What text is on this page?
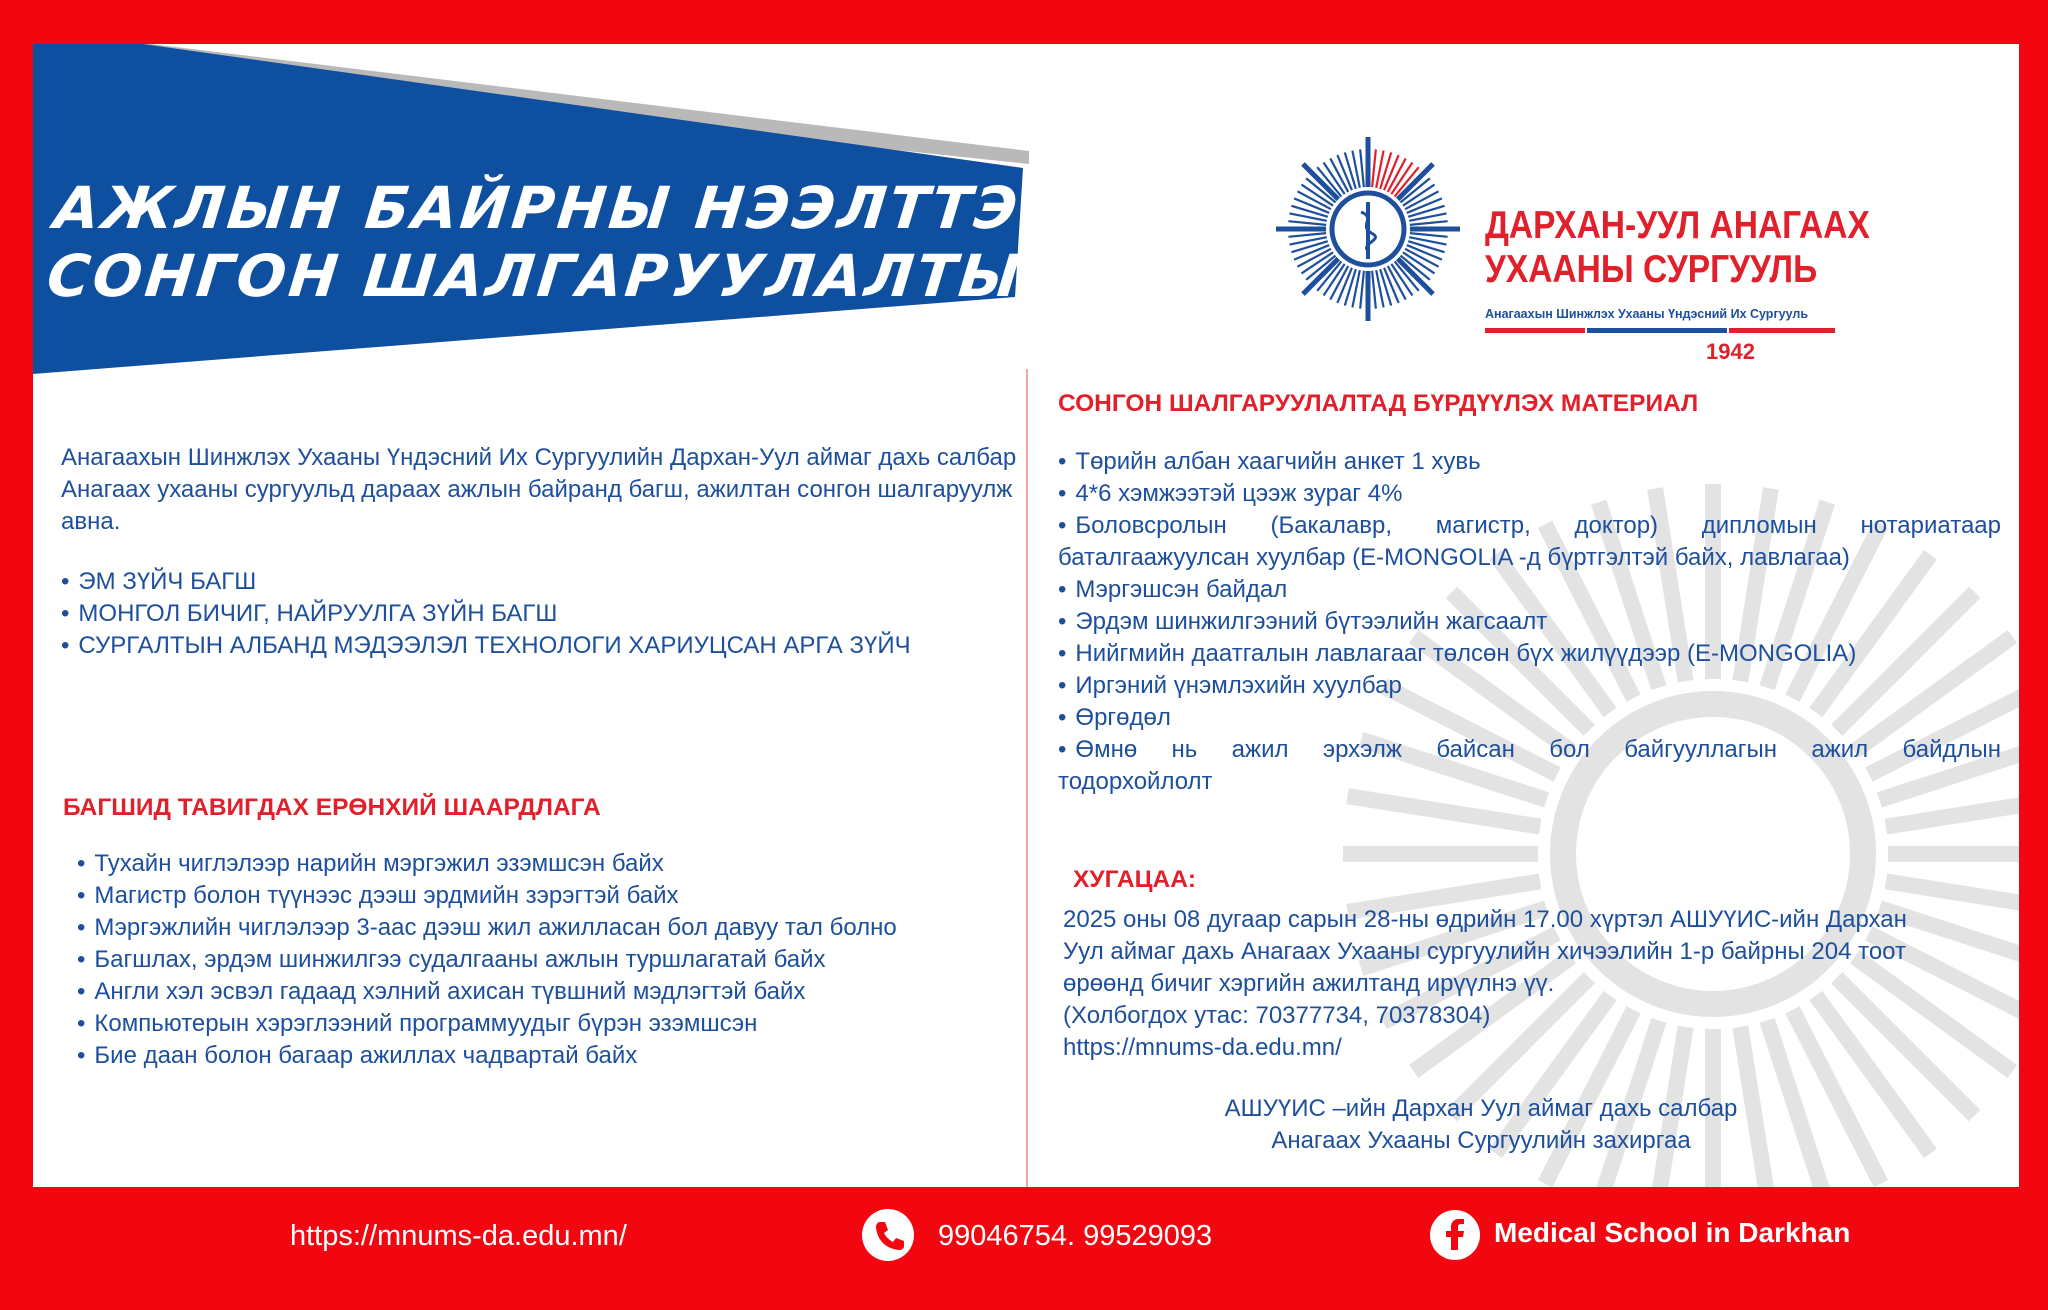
АЖЛЫН БАЙРНЫ НЭЭЛТТЭЙ
СОНГОН ШАЛГАРУУЛАЛТЫН ЗАР
ДАРХАН-УУЛ АНАГААХ
УХААНЫ СУРГУУЛЬ
Анагаахын Шинжлэх Ухааны Үндэсний Их Сургууль
1942
Анагаахын Шинжлэх Ухааны Үндэсний Их Сургуулийн Дархан-Уул аймаг дахь салбар Анагаах ухааны сургуульд дараах ажлын байранд багш, ажилтан сонгон шалгаруулж авна.
• ЭМ ЗҮЙЧ БАГШ
• МОНГОЛ БИЧИГ, НАЙРУУЛГА ЗҮЙН БАГШ
• СУРГАЛТЫН АЛБАНД МЭДЭЭЛЭЛ ТЕХНОЛОГИ ХАРИУЦСАН АРГА ЗҮЙЧ
БАГШИД ТАВИГДАХ ЕРӨНХИЙ ШААРДЛАГА
• Тухайн чиглэлээр нарийн мэргэжил эзэмшсэн байх
• Магистр болон түүнээс дээш эрдмийн зэрэгтэй байх
• Мэргэжлийн чиглэлээр 3-аас дээш жил ажилласан бол давуу тал болно
• Багшлах, эрдэм шинжилгээ судалгааны ажлын туршлагатай байх
• Англи хэл эсвэл гадаад хэлний ахисан түвшний мэдлэгтэй байх
• Компьютерын хэрэглээний программуудыг бүрэн эзэмшсэн
• Бие даан болон багаар ажиллах чадвартай байх
СОНГОН ШАЛГАРУУЛАЛТАД БҮРДҮҮЛЭХ МАТЕРИАЛ
• Төрийн албан хаагчийн анкет 1 хувь
• 4*6 хэмжээтэй цээж зураг 4%
• Боловсролын (Бакалавр, магистр, доктор) дипломын нотариатаар
баталгаажуулсан хуулбар (E-MONGOLIA -д бүртгэлтэй байх, лавлагаа)
• Мэргэшсэн байдал
• Эрдэм шинжилгээний бүтээлийн жагсаалт
• Нийгмийн даатгалын лавлагааг төлсөн бүх жилүүдээр (E-MONGOLIA)
• Иргэний үнэмлэхийн хуулбар
• Өргөдөл
• Өмнө нь ажил эрхэлж байсан бол байгууллагын ажил байдлын
тодорхойлолт
ХУГАЦАА:
2025 оны 08 дугаар сарын 28-ны өдрийн 17.00 хүртэл АШУҮИС-ийн Дархан
Уул аймаг дахь Анагаах Ухааны сургуулийн хичээлийн 1-р байрны 204 тоот
өрөөнд бичиг хэргийн ажилтанд ирүүлнэ үү.
(Холбогдох утас: 70377734, 70378304)
https://mnums-da.edu.mn/
АШУҮИС –ийн Дархан Уул аймаг дахь салбар
Анагаах Ухааны Сургуулийн захиргаа
https://mnums-da.edu.mn/	99046754. 99529093	Medical School in Darkhan
